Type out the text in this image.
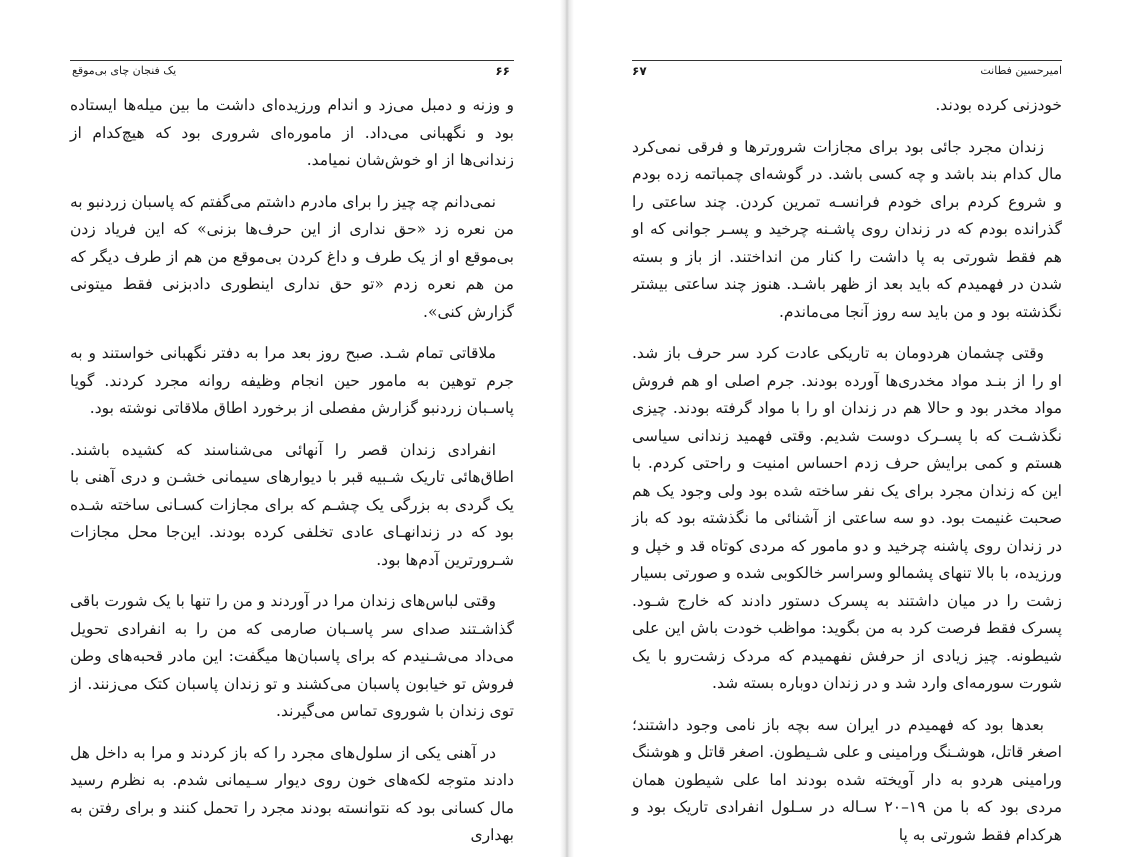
یک فنجان چای بی‌موقع	۶۶

و وزنه و دمبل می‌زد و اندام ورزیده‌ای داشت ما بین میله‌ها ایستاده بود و نگهبانی می‌داد. از ماموره‌ای شروری بود که هیچ‌کدام از زندانی‌ها از او خوش‌شان نمیامد.

نمی‌دانم چه چیز را برای مادرم داشتم می‌گفتم که پاسبان زردنبو به من نعره زد «حق نداری از این حرف‌ها بزنی» که این فریاد زدن بی‌موقع او از یک طرف و داغ کردن بی‌موقع من هم از طرف دیگر که من هم نعره زدم «تو حق نداری اینطوری دادبزنی فقط میتونی گزارش کنی».

ملاقاتی تمام شـد. صبح روز بعد مرا به دفتر نگهبانی خواستند و به جرم توهین به مامور حین انجام وظیفه روانه مجرد کردند. گویا پاسـبان زردنبو گزارش مفصلی از برخورد اطاق ملاقاتی نوشته بود.

انفرادی زندان قصر را آنهائی می‌شناسند که کشیده باشند. اطاق‌هائی تاریک شـبیه قبر با دیوارهای سیمانی خشـن و دری آهنی با یک گردی به بزرگی یک چشـم که برای مجازات کسـانی ساخته شـده بود که در زندانهـای عادی تخلفی کرده بودند. این‌جا محل مجازات شـرورترین آدم‌ها بود.

وقتی لباس‌های زندان مرا در آوردند و من را تنها با یک شورت باقی گذاشـتند صدای سر پاسـبان صارمی که من را به انفرادی تحویل می‌داد می‌شـنیدم که برای پاسبان‌ها میگفت: این مادر قحبه‌های وطن فروش تو خیابون پاسبان می‌کشند و تو زندان پاسبان کتک می‌زنند. از توی زندان با شوروی تماس می‌گیرند.

در آهنی یکی از سلول‌های مجرد را که باز کردند و مرا به داخل هل دادند متوجه لکه‌های خون روی دیوار سـیمانی شدم. به نظرم رسید مال کسانی بود که نتوانسته بودند مجرد را تحمل کنند و برای رفتن به بهداری

امیرحسین فطانت
۶۷

خودزنی کرده بودند.

زندان مجرد جائی بود برای مجازات شرورترها و فرقی نمی‌کرد مال کدام بند باشد و چه کسی باشد. در گوشه‌ای چمباتمه زده بودم و شروع کردم برای خودم فرانسـه تمرین کردن. چند ساعتی را گذرانده بودم که در زندان روی پاشـنه چرخید و پسـر جوانی که او هم فقط شورتی به پا داشت را کنار من انداختند. از باز و بسته شدن در فهمیدم که باید بعد از ظهر باشـد. هنوز چند ساعتی بیشتر نگذشته بود و من باید سه روز آنجا می‌ماندم.

وقتی چشمان هردومان به تاریکی عادت کرد سر حرف باز شد. او را از بنـد مواد مخدری‌ها آورده بودند. جرم اصلی او هم فروش مواد مخدر بود و حالا هم در زندان او را با مواد گرفته بودند. چیزی نگذشـت که با پسـرک دوست شدیم. وقتی فهمید زندانی سیاسی هستم و کمی برایش حرف زدم احساس امنیت و راحتی کردم. با این که زندان مجرد برای یک نفر ساخته شده بود ولی وجود یک هم صحبت غنیمت بود. دو سه ساعتی از آشنائی ما نگذشته بود که باز در زندان روی پاشنه چرخید و دو مامور که مردی کوتاه قد و خپل و ورزیده، با بالا تنهای پشمالو وسراسر خالکوبی شده و صورتی بسیار زشت را در میان داشتند به پسرک دستور دادند که خارج شـود. پسرک فقط فرصت کرد به من بگوید: مواظب خودت باش این علی شیطونه. چیز زیادی از حرفش نفهمیدم که مردک زشت‌رو با یک شورت سورمه‌ای وارد شد و در زندان دوباره بسته شد.

بعدها بود که فهمیدم در ایران سه بچه باز نامی وجود داشتند؛ اصغر قاتل، هوشـنگ ورامینی و علی شـیطون. اصغر قاتل و هوشنگ ورامینی هردو به دار آویخته شده بودند اما علی شیطون همان مردی بود که با من ۱۹–۲۰ سـاله در سـلول انفرادی تاریک بود و هرکدام فقط شورتی به پا
